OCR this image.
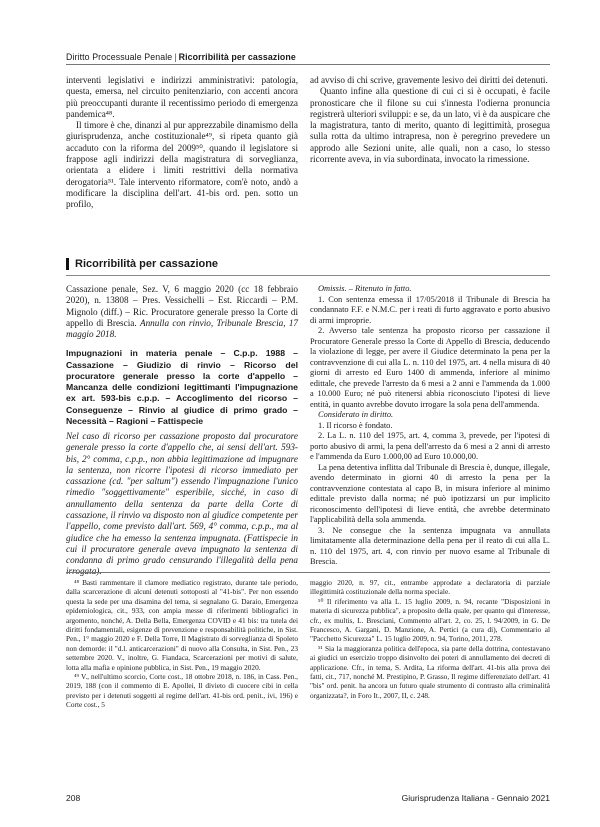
Diritto Processuale Penale | Ricorribilità per cassazione

interventi legislativi e indirizzi amministrativi: patologia, questa, emersa, nel circuito penitenziario, con accenti ancora più preoccupanti durante il recentissimo periodo di emergenza pandemica⁴⁸.

Il timore è che, dinanzi al pur apprezzabile dinamismo della giurisprudenza, anche costituzionale⁴⁹, si ripeta quanto già accaduto con la riforma del 2009⁵⁰, quando il legislatore si frappose agli indirizzi della magistratura di sorveglianza, orientata a elidere i limiti restrittivi della normativa derogatoria⁵¹. Tale intervento riformatore, com'è noto, andò a modificare la disciplina dell'art. 41-bis ord. pen. sotto un profilo,

ad avviso di chi scrive, gravemente lesivo dei diritti dei detenuti.

Quanto infine alla questione di cui ci si è occupati, è facile pronosticare che il filone su cui s'innesta l'odierna pronuncia registrerà ulteriori sviluppi: e se, da un lato, vi è da auspicare che la magistratura, tanto di merito, quanto di legittimità, prosegua sulla rotta da ultimo intrapresa, non è peregrino prevedere un approdo alle Sezioni unite, alle quali, non a caso, lo stesso ricorrente aveva, in via subordinata, invocato la rimessione.

Ricorribilità per cassazione

Cassazione penale, Sez. V, 6 maggio 2020 (cc 18 febbraio 2020), n. 13808 – Pres. Vessichelli – Est. Riccardi – P.M. Mignolo (diff.) – Ric. Procuratore generale presso la Corte di appello di Brescia. Annulla con rinvio, Tribunale Brescia, 17 maggio 2018.

Impugnazioni in materia penale – C.p.p. 1988 – Cassazione – Giudizio di rinvio – Ricorso del procuratore generale presso la corte d'appello – Mancanza delle condizioni legittimanti l'impugnazione ex art. 593-bis c.p.p. – Accoglimento del ricorso – Conseguenze – Rinvio al giudice di primo grado – Necessità – Ragioni – Fattispecie

Nel caso di ricorso per cassazione proposto dal procuratore generale presso la corte d'appello che, ai sensi dell'art. 593-bis, 2° comma, c.p.p., non abbia legittimazione ad impugnare la sentenza, non ricorre l'ipotesi di ricorso immediato per cassazione (cd. "per saltum") essendo l'impugnazione l'unico rimedio "soggettivamente" esperibile, sicché, in caso di annullamento della sentenza da parte della Corte di cassazione, il rinvio va disposto non al giudice competente per l'appello, come previsto dall'art. 569, 4° comma, c.p.p., ma al giudice che ha emesso la sentenza impugnata. (Fattispecie in cui il procuratore generale aveva impugnato la sentenza di condanna di primo grado censurando l'illegalità della pena irrogata).

Omissis. – Ritenuto in fatto.

1. Con sentenza emessa il 17/05/2018 il Tribunale di Brescia ha condannato F.F. e N.M.C. per i reati di furto aggravato e porto abusivo di armi improprie.

2. Avverso tale sentenza ha proposto ricorso per cassazione il Procuratore Generale presso la Corte di Appello di Brescia, deducendo la violazione di legge, per avere il Giudice determinato la pena per la contravvenzione di cui alla L. n. 110 del 1975, art. 4 nella misura di 40 giorni di arresto ed Euro 1400 di ammenda, inferiore al minimo edittale, che prevede l'arresto da 6 mesi a 2 anni e l'ammenda da 1.000 a 10.000 Euro; né può ritenersi abbia riconosciuto l'ipotesi di lieve entità, in quanto avrebbe dovuto irrogare la sola pena dell'ammenda.

Considerato in diritto.

1. Il ricorso è fondato.

2. La L. n. 110 del 1975, art. 4, comma 3, prevede, per l'ipotesi di porto abusivo di armi, la pena dell'arresto da 6 mesi a 2 anni di arresto e l'ammenda da Euro 1.000,00 ad Euro 10.000,00.

La pena detentiva inflitta dal Tribunale di Brescia è, dunque, illegale, avendo determinato in giorni 40 di arresto la pena per la contravvenzione contestata al capo B, in misura inferiore al minimo edittale previsto dalla norma; né può ipotizzarsi un pur implicito riconoscimento dell'ipotesi di lieve entità, che avrebbe determinato l'applicabilità della sola ammenda.

3. Ne consegue che la sentenza impugnata va annullata limitatamente alla determinazione della pena per il reato di cui alla L. n. 110 del 1975, art. 4, con rinvio per nuovo esame al Tribunale di Brescia.

⁴⁸ Basti rammentare il clamore mediatico registrato, durante tale periodo, dalla scarcerazione di alcuni detenuti sottoposti al "41-bis". Per non essendo questa la sede per una disamina del tema, si segnalano G. Daraio, Emergenza epidemiologica, cit., 933, con ampia messe di riferimenti bibliografici in argomento, nonché, A. Della Bella, Emergenza COVID e 41 bis: tra tutela dei diritti fondamentali, esigenze di prevenzione e responsabilità politiche, in Sist. Pen., 1° maggio 2020 e F. Della Torre, Il Magistrato di sorveglianza di Spoleto non demorde: il "d.l. anticarcerazioni" di nuovo alla Consulta, in Sist. Pen., 23 settembre 2020. V., inoltre, G. Fiandaca, Scarcerazioni per motivi di salute, lotta alla mafia e opinione pubblica, in Sist. Pen., 19 maggio 2020.

⁴⁹ V., nell'ultimo scorcio, Corte cost., 18 ottobre 2018, n. 186, in Cass. Pen., 2019, 188 (con il commento di E. Apollei, Il divieto di cuocere cibi in cella previsto per i detenuti soggetti al regime dell'art. 41-bis ord. penit., ivi, 196) e Corte cost., 5

maggio 2020, n. 97, cit., entrambe approdate a declaratoria di parziale illegittimità costituzionale della norma speciale.

⁵⁰ Il riferimento va alla L. 15 luglio 2009, n. 94, recante "Disposizioni in materia di sicurezza pubblica", a proposito della quale, per quanto qui d'interesse, cfr., ex multis, L. Bresciani, Commento all'art. 2, co. 25, l. 94/2009, in G. De Francesco, A. Gargani, D. Manzione, A. Pertici (a cura di), Commentario al "Pacchetto Sicurezza" L. 15 luglio 2009, n. 94, Torino, 2011, 278.

⁵¹ Sia la maggioranza politica dell'epoca, sia parte della dottrina, contestavano ai giudici un esercizio troppo disinvolto dei poteri di annullamento dei decreti di applicazione. Cfr., in tema, S. Ardita, La riforma dell'art. 41-bis alla prova dei fatti, cit., 717, nonché M. Prestipino, P. Grasso, Il regime differenziato dell'art. 41 "bis" ord. penit. ha ancora un futuro quale strumento di contrasto alla criminalità organizzata?, in Foro It., 2007, II, c. 248.

208	Giurisprudenza Italiana - Gennaio 2021
